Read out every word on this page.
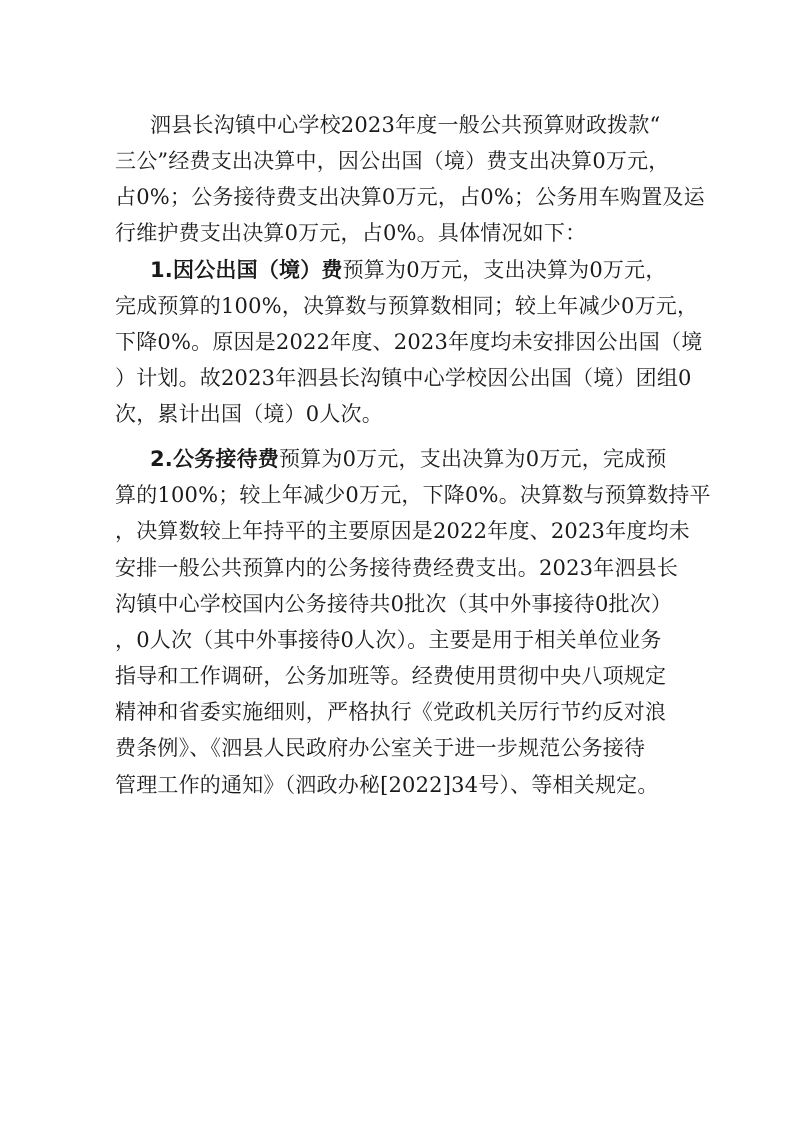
泗县长沟镇中心学校2023年度一般公共预算财政拨款“
三公”经费支出决算中，因公出国（境）费支出决算0万元，
占0%；公务接待费支出决算0万元，占0%；公务用车购置及运
行维护费支出决算0万元，占0%。具体情况如下：
1.因公出国（境）费预算为0万元，支出决算为0万元，
完成预算的100%，决算数与预算数相同；较上年减少0万元，
下降0%。原因是2022年度、2023年度均未安排因公出国（境
）计划。故2023年泗县长沟镇中心学校因公出国（境）团组0
次，累计出国（境）0人次。
2.公务接待费预算为0万元，支出决算为0万元，完成预
算的100%；较上年减少0万元，下降0%。决算数与预算数持平
，决算数较上年持平的主要原因是2022年度、2023年度均未
安排一般公共预算内的公务接待费经费支出。2023年泗县长
沟镇中心学校国内公务接待共0批次（其中外事接待0批次）
，0人次（其中外事接待0人次）。主要是用于相关单位业务
指导和工作调研，公务加班等。经费使用贯彻中央八项规定
精神和省委实施细则，严格执行《党政机关厉行节约反对浪
费条例》、《泗县人民政府办公室关于进一步规范公务接待
管理工作的通知》（泗政办秘[2022]34号）、等相关规定。
